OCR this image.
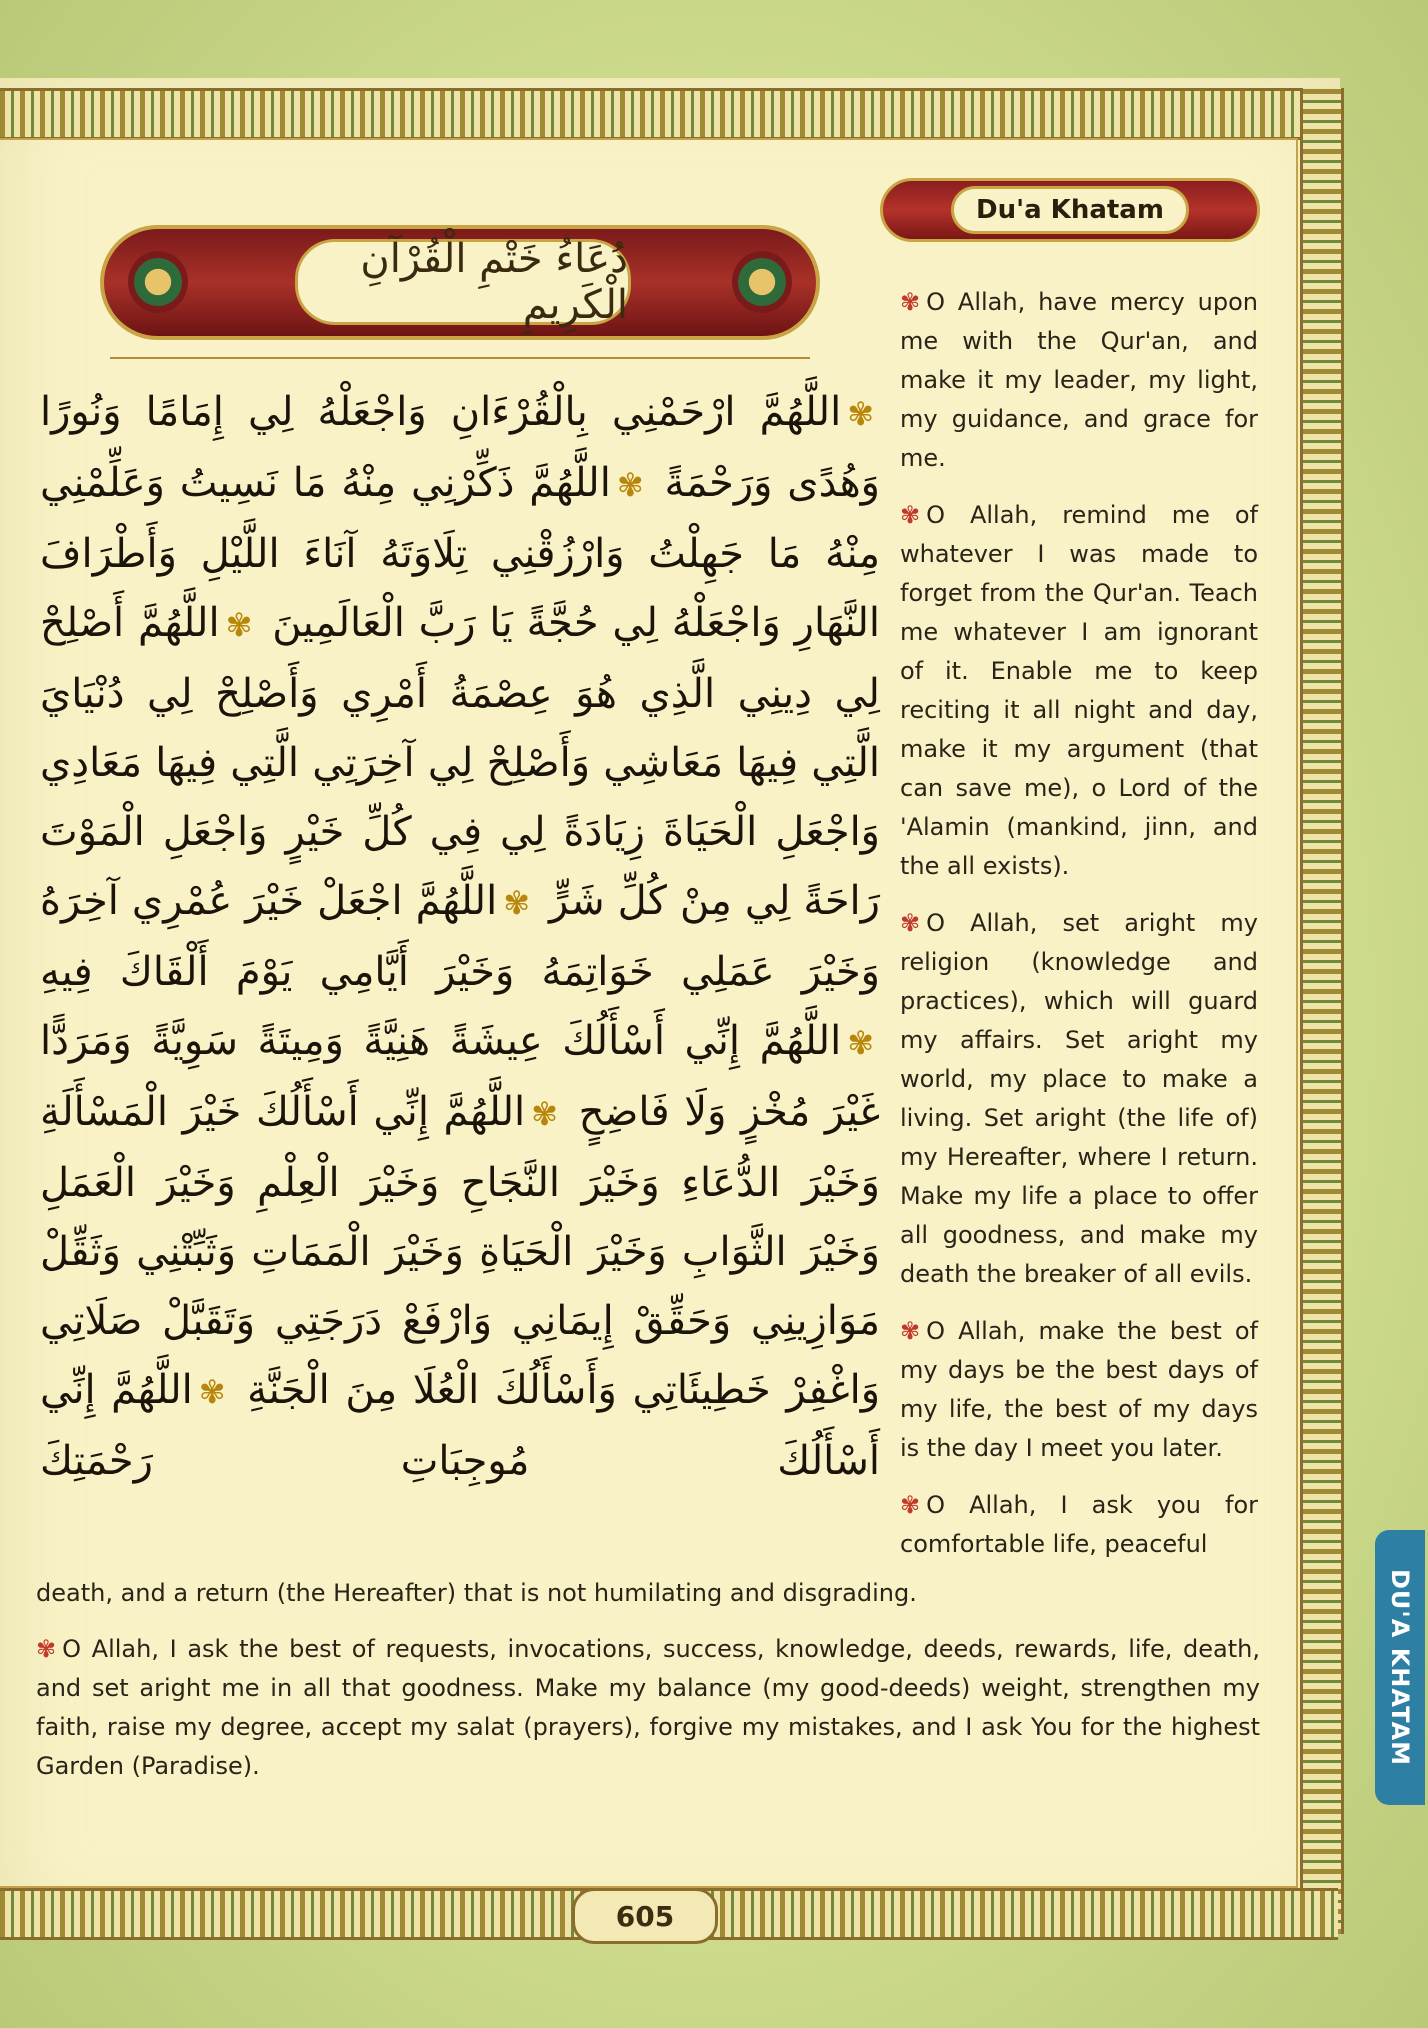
Du'a Khatam
دُعَاءُ خَتْمِ الْقُرْآنِ الْكَرِيمِ
✾اللَّهُمَّ ارْحَمْنِي بِالْقُرْءَانِ وَاجْعَلْهُ لِي إِمَامًا وَنُورًا وَهُدًى وَرَحْمَةً ✾اللَّهُمَّ ذَكِّرْنِي مِنْهُ مَا نَسِيتُ وَعَلِّمْنِي مِنْهُ مَا جَهِلْتُ وَارْزُقْنِي تِلَاوَتَهُ آنَاءَ اللَّيْلِ وَأَطْرَافَ النَّهَارِ وَاجْعَلْهُ لِي حُجَّةً يَا رَبَّ الْعَالَمِينَ ✾اللَّهُمَّ أَصْلِحْ لِي دِينِي الَّذِي هُوَ عِصْمَةُ أَمْرِي وَأَصْلِحْ لِي دُنْيَايَ الَّتِي فِيهَا مَعَاشِي وَأَصْلِحْ لِي آخِرَتِي الَّتِي فِيهَا مَعَادِي وَاجْعَلِ الْحَيَاةَ زِيَادَةً لِي فِي كُلِّ خَيْرٍ وَاجْعَلِ الْمَوْتَ رَاحَةً لِي مِنْ كُلِّ شَرٍّ ✾اللَّهُمَّ اجْعَلْ خَيْرَ عُمْرِي آخِرَهُ وَخَيْرَ عَمَلِي خَوَاتِمَهُ وَخَيْرَ أَيَّامِي يَوْمَ أَلْقَاكَ فِيهِ ✾اللَّهُمَّ إِنِّي أَسْأَلُكَ عِيشَةً هَنِيَّةً وَمِيتَةً سَوِيَّةً وَمَرَدًّا غَيْرَ مُخْزٍ وَلَا فَاضِحٍ ✾اللَّهُمَّ إِنِّي أَسْأَلُكَ خَيْرَ الْمَسْأَلَةِ وَخَيْرَ الدُّعَاءِ وَخَيْرَ النَّجَاحِ وَخَيْرَ الْعِلْمِ وَخَيْرَ الْعَمَلِ وَخَيْرَ الثَّوَابِ وَخَيْرَ الْحَيَاةِ وَخَيْرَ الْمَمَاتِ وَثَبِّتْنِي وَثَقِّلْ مَوَازِينِي وَحَقِّقْ إِيمَانِي وَارْفَعْ دَرَجَتِي وَتَقَبَّلْ صَلَاتِي وَاغْفِرْ خَطِيئَاتِي وَأَسْأَلُكَ الْعُلَا مِنَ الْجَنَّةِ ✾اللَّهُمَّ إِنِّي أَسْأَلُكَ مُوجِبَاتِ رَحْمَتِكَ

✾ O Allah, have mercy upon me with the Qur'an, and make it my leader, my light, my guidance, and grace for me.

✾ O Allah, remind me of whatever I was made to forget from the Qur'an. Teach me whatever I am ignorant of it. Enable me to keep reciting it all night and day, make it my argument (that can save me), o Lord of the 'Alamin (mankind, jinn, and the all exists).

✾ O Allah, set aright my religion (knowledge and practices), which will guard my affairs. Set aright my world, my place to make a living. Set aright (the life of) my Hereafter, where I return. Make my life a place to offer all goodness, and make my death the breaker of all evils.

✾ O Allah, make the best of my days be the best days of my life, the best of my days is the day I meet you later.

✾ O Allah, I ask you for comfortable life, peaceful

death, and a return (the Hereafter) that is not humilating and disgrading.

✾ O Allah, I ask the best of requests, invocations, success, knowledge, deeds, rewards, life, death, and set aright me in all that goodness. Make my balance (my good-deeds) weight, strengthen my faith, raise my degree, accept my salat (prayers), forgive my mistakes, and I ask You for the highest Garden (Paradise).

605
DU'A KHATAM
